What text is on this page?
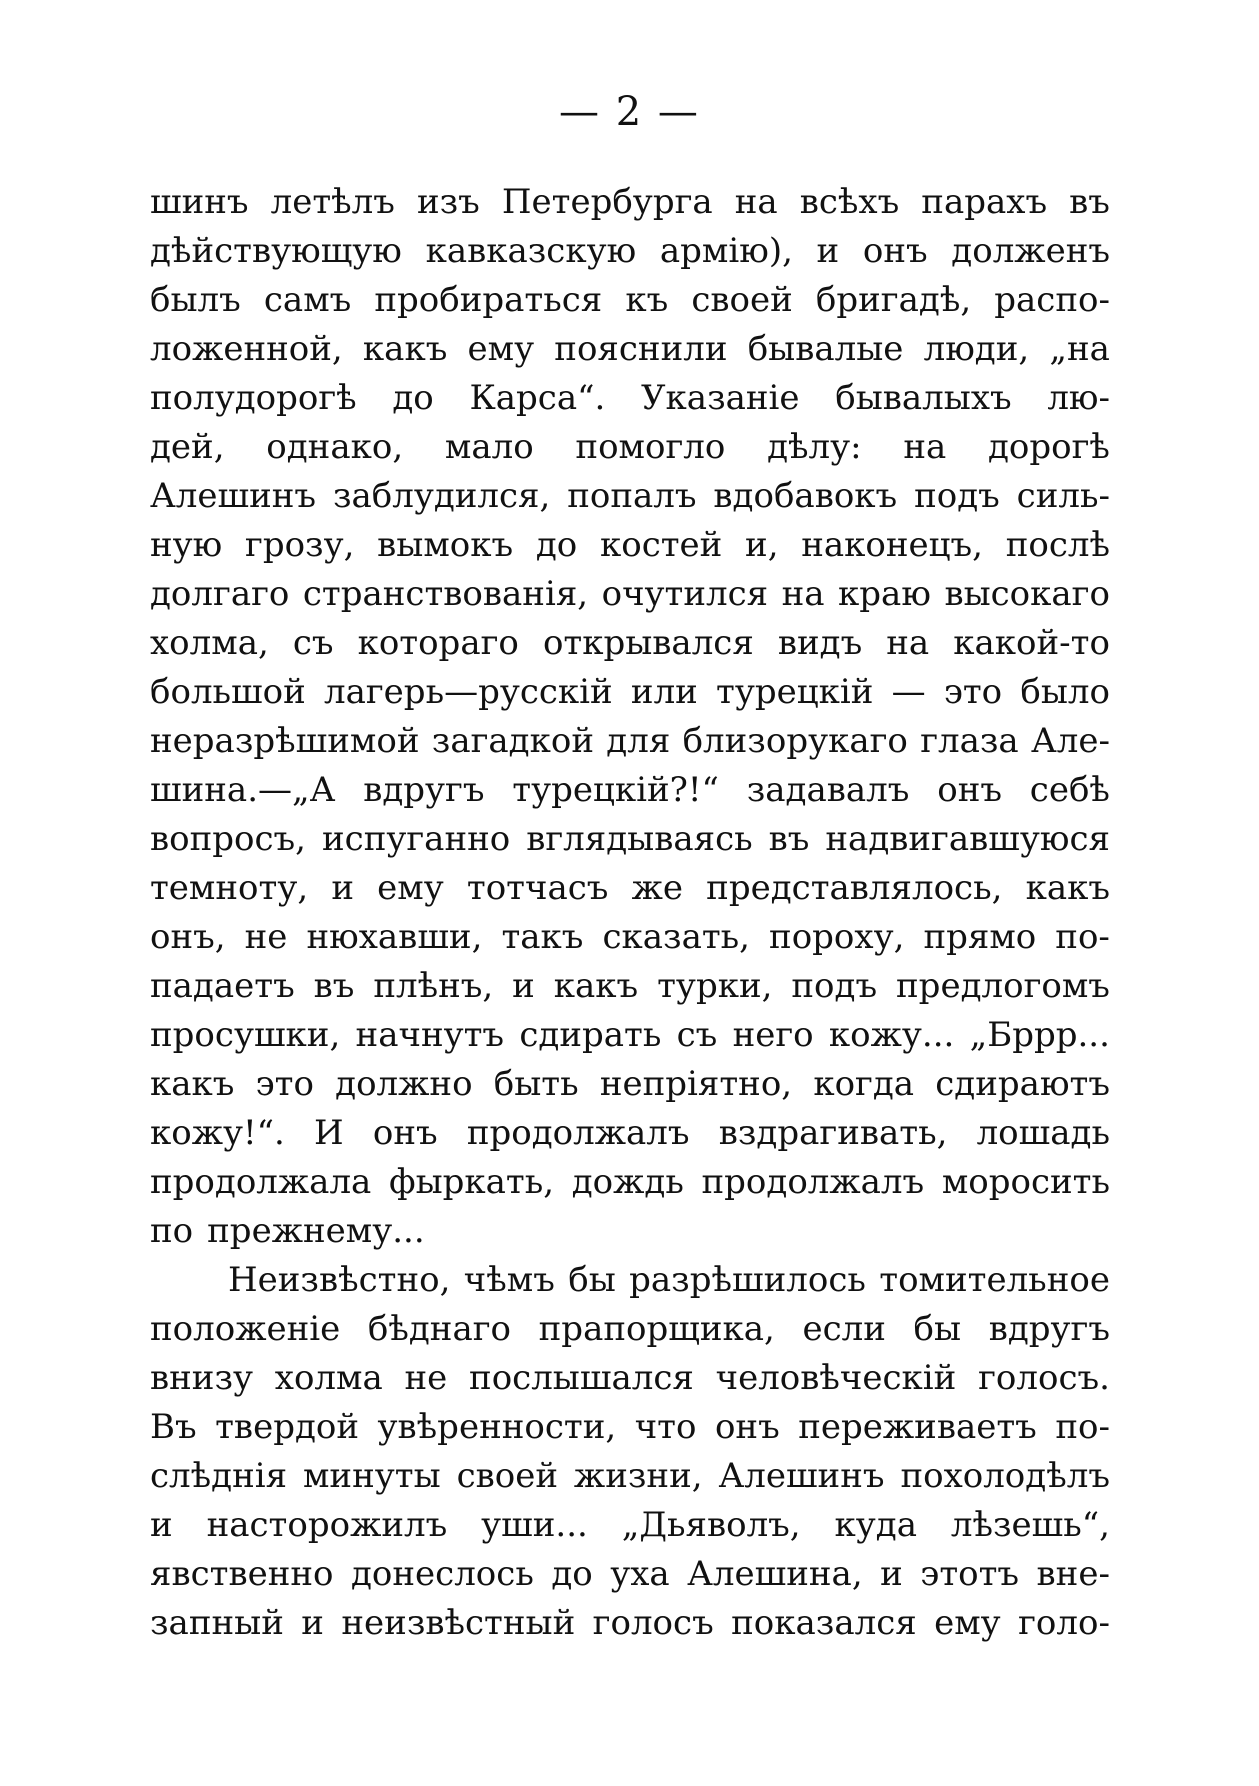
— 2 —
шинъ летѣлъ изъ Петербурга на всѣхъ парахъ въ
дѣйствующую кавказскую армію), и онъ долженъ
былъ самъ пробираться къ своей бригадѣ, распо-
ложенной, какъ ему пояснили бывалые люди, „на
полудорогѣ до Карса“. Указаніе бывалыхъ лю-
дей, однако, мало помогло дѣлу: на дорогѣ
Алешинъ заблудился, попалъ вдобавокъ подъ силь-
ную грозу, вымокъ до костей и, наконецъ, послѣ
долгаго странствованія, очутился на краю высокаго
холма, съ котораго открывался видъ на какой-то
большой лагерь—русскій или турецкій — это было
неразрѣшимой загадкой для близорукаго глаза Але-
шина.—„А вдругъ турецкій?!“ задавалъ онъ себѣ
вопросъ, испуганно вглядываясь въ надвигавшуюся
темноту, и ему тотчасъ же представлялось, какъ
онъ, не нюхавши, такъ сказать, пороху, прямо по-
падаетъ въ плѣнъ, и какъ турки, подъ предлогомъ
просушки, начнутъ сдирать съ него кожу... „Бррр...
какъ это должно быть непріятно, когда сдираютъ
кожу!“. И онъ продолжалъ вздрагивать, лошадь
продолжала фыркать, дождь продолжалъ моросить
по прежнему...
Неизвѣстно, чѣмъ бы разрѣшилось томительное
положеніе бѣднаго прапорщика, если бы вдругъ
внизу холма не послышался человѣческій голосъ.
Въ твердой увѣренности, что онъ переживаетъ по-
слѣднія минуты своей жизни, Алешинъ похолодѣлъ
и насторожилъ уши... „Дьяволъ, куда лѣзешь“,
явственно донеслось до уха Алешина, и этотъ вне-
запный и неизвѣстный голосъ показался ему голо-
